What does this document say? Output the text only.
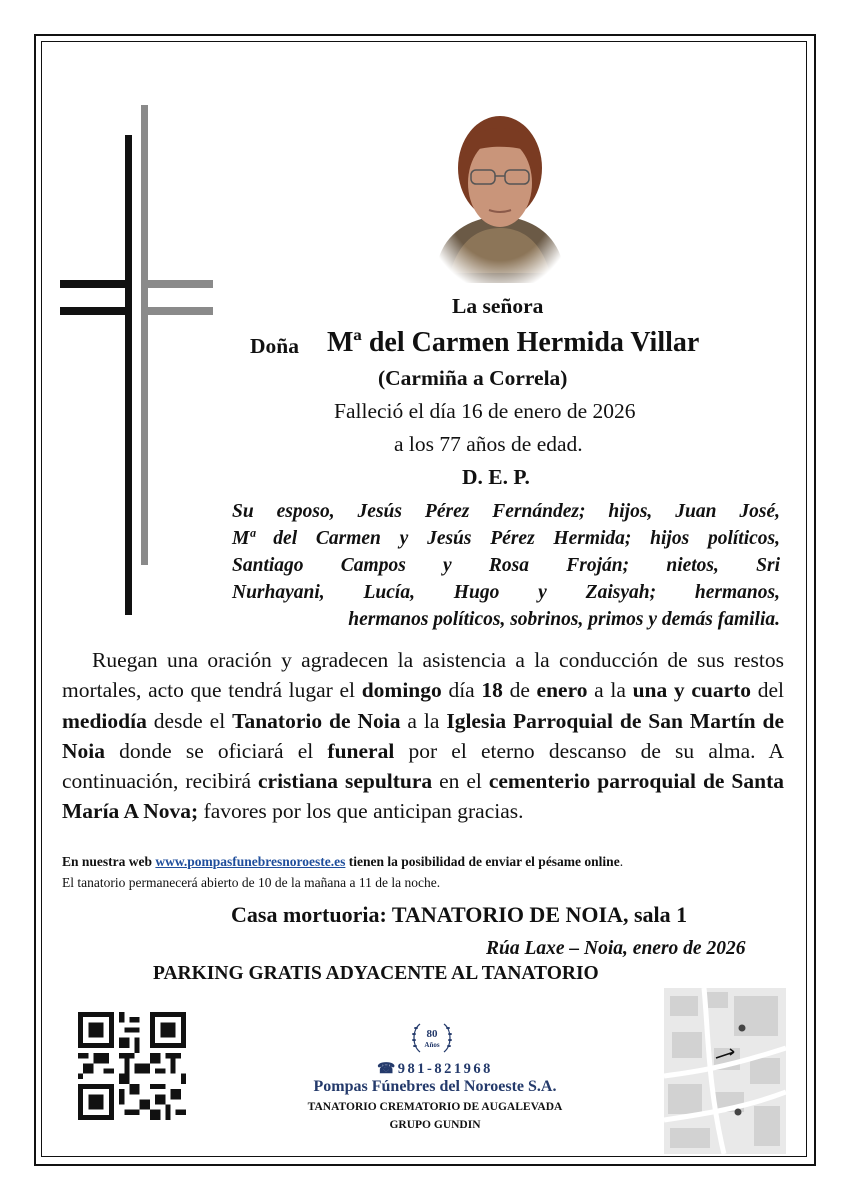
La señora
Doña Mª del Carmen Hermida Villar
(Carmiña a Correla)
Falleció el día 16 de enero de 2026
a los 77 años de edad.
D. E. P.
Su esposo, Jesús Pérez Fernández; hijos, Juan José,
Mª del Carmen y Jesús Pérez Hermida; hijos políticos,
Santiago Campos y Rosa Froján; nietos, Sri
Nurhayani, Lucía, Hugo y Zaisyah; hermanos,
hermanos políticos, sobrinos, primos y demás familia.

Ruegan una oración y agradecen la asistencia a la conducción de sus restos mortales, acto que tendrá lugar el domingo día 18 de enero a la una y cuarto del mediodía desde el Tanatorio de Noia a la Iglesia Parroquial de San Martín de Noia donde se oficiará el funeral por el eterno descanso de su alma. A continuación, recibirá cristiana sepultura en el cementerio parroquial de Santa María A Nova; favores por los que anticipan gracias.

En nuestra web www.pompasfunebresnoroeste.es tienen la posibilidad de enviar el pésame online.
El tanatorio permanecerá abierto de 10 de la mañana a 11 de la noche.
Casa mortuoria: TANATORIO DE NOIA, sala 1
Rúa Laxe – Noia, enero de 2026
PARKING GRATIS ADYACENTE AL TANATORIO
80
Años
☎981-821968
Pompas Fúnebres del Noroeste S.A.
TANATORIO CREMATORIO DE AUGALEVADA
GRUPO GUNDIN
